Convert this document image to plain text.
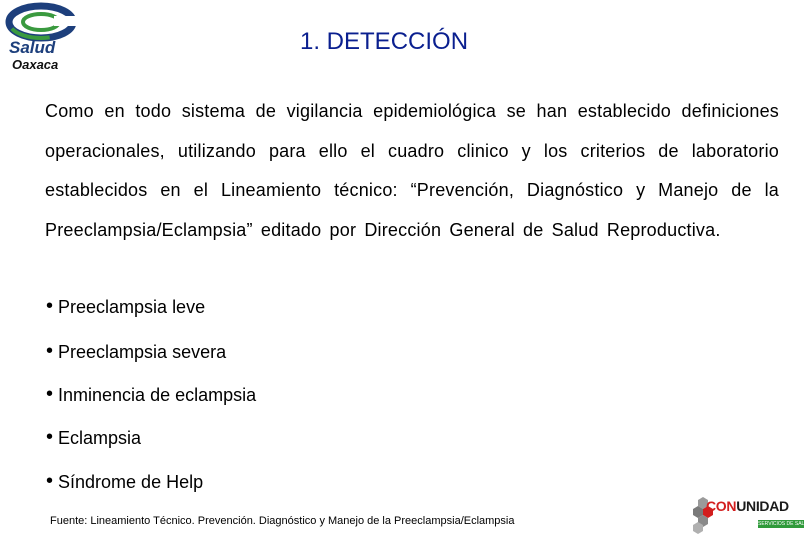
Salud
Oaxaca
1. DETECCIÓN

Como en todo sistema de vigilancia epidemiológica se han establecido definiciones operacionales, utilizando para ello el cuadro clinico y los criterios de laboratorio establecidos en el Lineamiento técnico: “Prevención, Diagnóstico y Manejo de la Preeclampsia/Eclampsia” editado por Dirección General de Salud Reproductiva.

• Preeclampsia leve
• Preeclampsia severa
• Inminencia de eclampsia
• Eclampsia
• Síndrome de Help
Fuente: Lineamiento Técnico. Prevención. Diagnóstico y Manejo de la Preeclampsia/Eclampsia
CONUNIDAD
SERVICIOS DE SALUD
